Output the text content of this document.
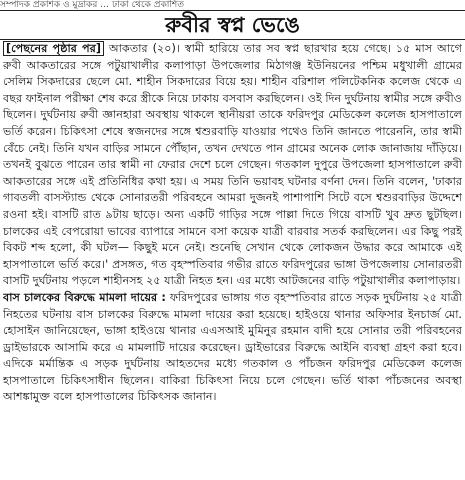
সম্পাদক প্রকাশক ও মুদ্রাকর … ঢাকা থেকে প্রকাশিত
রুবীর স্বপ্ন ভেঙে

[পেছনের পৃষ্ঠার পর] আকতার (২০)। স্বামী হারিয়ে তার সব স্বপ্ন ছারখার হয়ে গেছে। ১৫ মাস আগে রুবী আকতারের সঙ্গে পটুয়াখালীর কলাপাড়া উপজেলার মিঠাগঞ্জ ইউনিয়নের পশ্চিম মধুখালী গ্রামের সেলিম সিকদারের ছেলে মো. শাহীন সিকদারের বিয়ে হয়। শাহীন বরিশাল পলিটেকনিক কলেজ থেকে এ বছর ফাইনাল পরীক্ষা শেষ করে স্ত্রীকে নিয়ে ঢাকায় বসবাস করছিলেন। ওই দিন দুর্ঘটনায় স্বামীর সঙ্গে রুবীও ছিলেন। দুর্ঘটনায় রুবী জ্ঞানহারা অবস্থায় থাকলে স্থানীয়রা তাকে ফরিদপুর মেডিকেল কলেজ হাসপাতালে ভর্তি করেন। চিকিৎসা শেষে স্বজনদের সঙ্গে শ্বশুরবাড়ি যাওয়ার পথেও তিনি জানতে পারেননি, তার স্বামী বেঁচে নেই। তিনি যখন বাড়ির সামনে পৌঁছান, তখন দেখতে পান গ্রামের অনেক লোক জানাজায় দাঁড়িয়ে। তখনই বুঝতে পারেন তার স্বামী না ফেরার দেশে চলে গেছেন। গতকাল দুপুরে উপজেলা হাসপাতালে রুবী আকতারের সঙ্গে এই প্রতিনিধির কথা হয়। এ সময় তিনি ভয়াবহ ঘটনার বর্ণনা দেন। তিনি বলেন, 'ঢাকার গাবতলী বাসস্ট্যান্ড থেকে সোনারতরী পরিবহনে আমরা দুজনই পাশাপাশি সিটে বসে শ্বশুরবাড়ির উদ্দেশে রওনা হই। বাসটি রাত ৯টায় ছাড়ে। অন্য একটি গাড়ির সঙ্গে পাল্লা দিতে গিয়ে বাসটি খুব দ্রুত ছুটছিল। চালকের এই বেপরোয়া ভাবের ব্যাপারে সামনে বসা কয়েক যাত্রী বারবার সতর্ক করছিলেন। এর কিছু পরই বিকট শব্দ হলো, কী ঘটল— কিছুই মনে নেই। শুনেছি সেখান থেকে লোকজন উদ্ধার করে আমাকে এই হাসপাতালে ভর্তি করে।' প্রসঙ্গত, গত বৃহস্পতিবার গভীর রাতে ফরিদপুরের ভাঙ্গা উপজেলায় সোনারতরী বাসটি দুর্ঘটনায় পড়লে শাহীনসহ ২৫ যাত্রী নিহত হন। এর মধ্যে আটজনের বাড়ি পটুয়াখালীর কলাপাড়ায়।

বাস চালকের বিরুদ্ধে মামলা দায়ের : ফরিদপুরের ভাঙ্গায় গত বৃহস্পতিবার রাতে সড়ক দুর্ঘটনায় ২৫ যাত্রী নিহতের ঘটনায় বাস চালকের বিরুদ্ধে মামলা দায়ের করা হয়েছে। হাইওয়ে থানার অফিসার ইনচার্জ মো. হোসাইন জানিয়েছেন, ভাঙ্গা হাইওয়ে থানার এএসআই মুমিনুর রহমান বাদী হয়ে সোনার তরী পরিবহনের ড্রাইভারকে আসামি করে এ মামলাটি দায়ের করেছেন। ড্রাইভারের বিরুদ্ধে আইনি ব্যবস্থা গ্রহণ করা হবে। এদিকে মর্মান্তিক এ সড়ক দুর্ঘটনায় আহতদের মধ্যে গতকাল ও পাঁচজন ফরিদপুর মেডিকেল কলেজ হাসপাতালে চিকিৎসাধীন ছিলেন। বাকিরা চিকিৎসা নিয়ে চলে গেছেন। ভর্তি থাকা পাঁচজনের অবস্থা আশঙ্কামুক্ত বলে হাসপাতালের চিকিৎসক জানান।
